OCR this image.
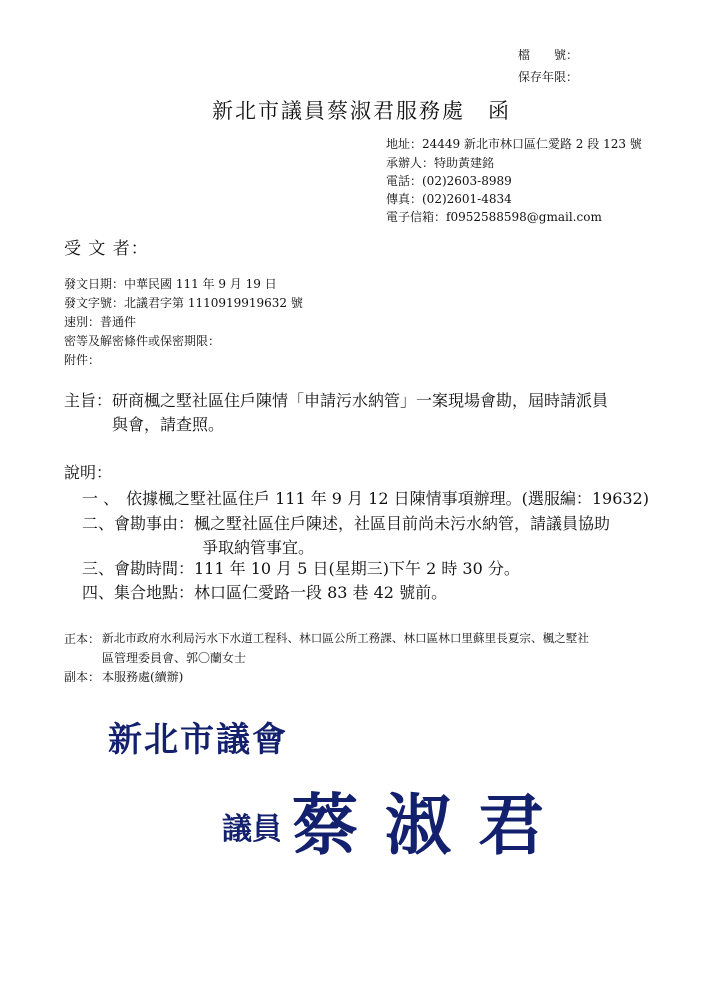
檔　　號：
保存年限：
新北市議員蔡淑君服務處　函
地址：24449 新北市林口區仁愛路 2 段 123 號
承辦人：特助黃建銘
電話：(02)2603-8989
傳真：(02)2601-4834
電子信箱：f0952588598@gmail.com
受 文 者：
發文日期：中華民國 111 年 9 月 19 日
發文字號：北議君字第 1110919919632 號
速別：普通件
密等及解密條件或保密期限：
附件：
主旨： 研商楓之墅社區住戶陳情「申請污水納管」一案現場會勘，屆時請派員
與會，請查照。
說明：
一 、 依據楓之墅社區住戶 111 年 9 月 12 日陳情事項辦理。(選服編：19632)
二、 會勘事由：楓之墅社區住戶陳述，社區目前尚未污水納管，請議員協助
爭取納管事宜。
三、 會勘時間：111 年 10 月 5 日(星期三)下午 2 時 30 分。
四、 集合地點：林口區仁愛路一段 83 巷 42 號前。
正本： 新北市政府水利局污水下水道工程科、林口區公所工務課、林口區林口里蘇里長夏宗、楓之墅社
區管理委員會、郭〇蘭女士
副本： 本服務處(續辦)
新北市議會
議員 蔡 淑 君
